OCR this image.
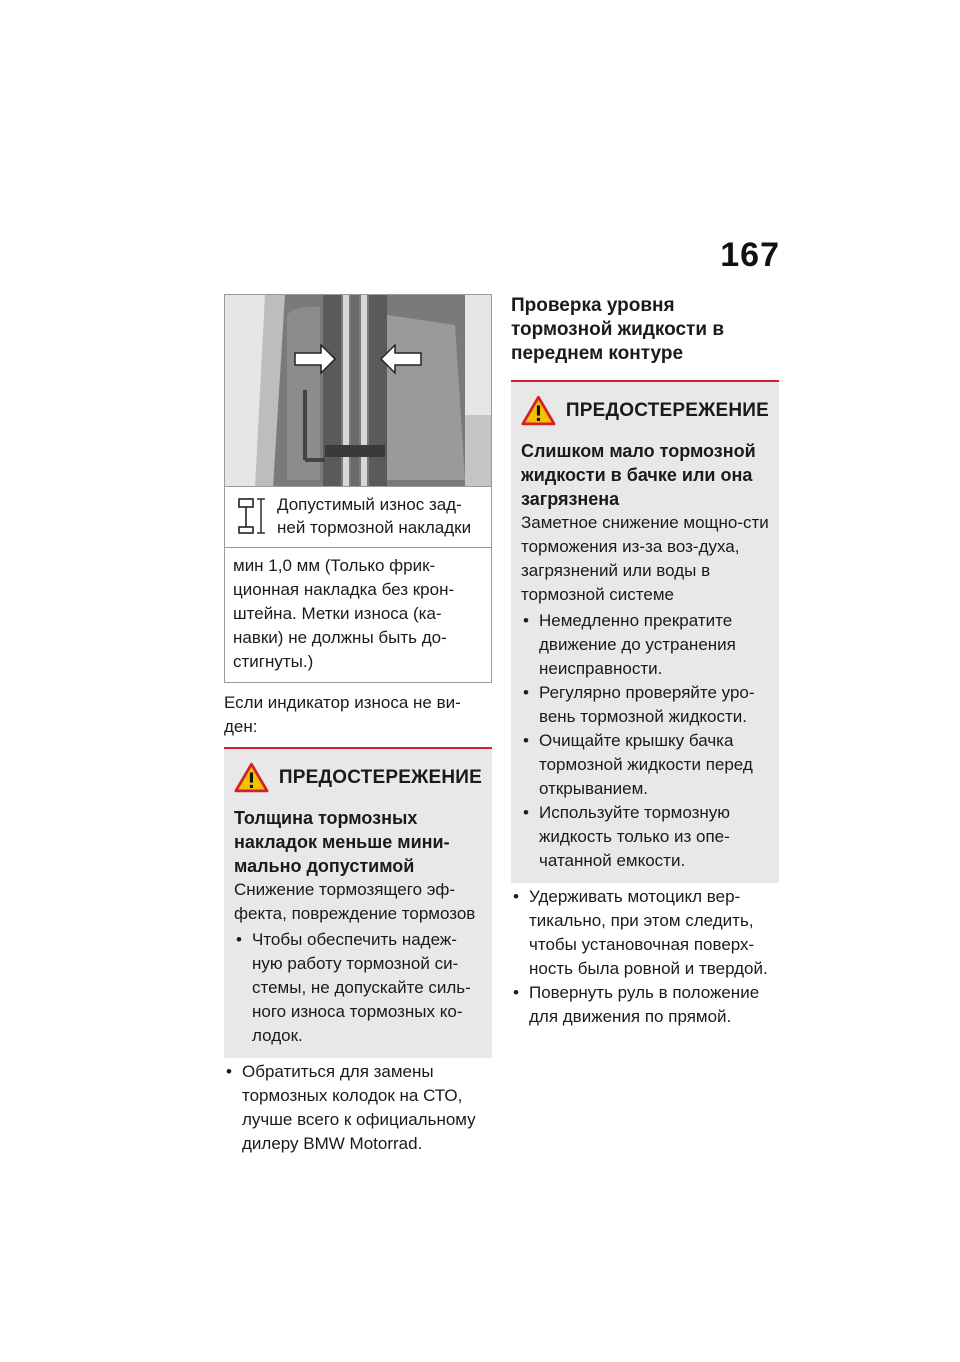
167
Допустимый износ зад-ней тормозной накладки
мин 1,0 мм (Только фрик-ционная накладка без крон-штейна. Метки износа (ка-навки) не должны быть до-стигнуты.)

Если индикатор износа не ви-ден:

ПРЕДОСТЕРЕЖЕНИЕ
Толщина тормозных накладок меньше мини-мально допустимой
Снижение тормозящего эф-фекта, повреждение тормозов
• Чтобы обеспечить надеж-ную работу тормозной си-стемы, не допускайте силь-ного износа тормозных ко-лодок.
• Обратиться для замены тормозных колодок на СТО, лучше всего к официальному дилеру BMW Motorrad.
Проверка уровня тормозной жидкости в переднем контуре
ПРЕДОСТЕРЕЖЕНИЕ
Слишком мало тормозной жидкости в бачке или она загрязнена
Заметное снижение мощно-сти торможения из-за воз-духа, загрязнений или воды в тормозной системе
• Немедленно прекратите движение до устранения неисправности.
• Регулярно проверяйте уро-вень тормозной жидкости.
• Очищайте крышку бачка тормозной жидкости перед открыванием.
• Используйте тормозную жидкость только из опе-чатанной емкости.
• Удерживать мотоцикл вер-тикально, при этом следить, чтобы установочная поверх-ность была ровной и твердой.
• Повернуть руль в положение для движения по прямой.
